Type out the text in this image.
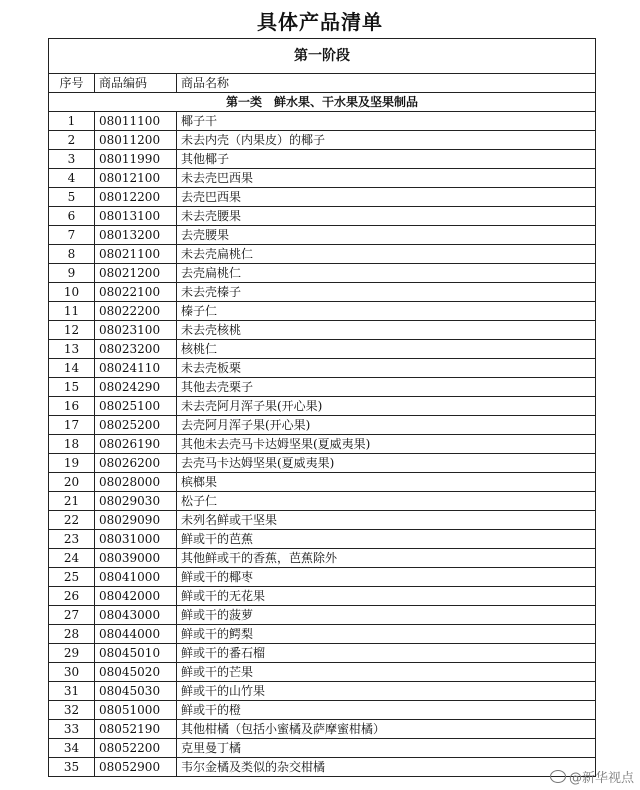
具体产品清单
第一阶段		
序号	商品编码	商品名称
第一类　鲜水果、干水果及坚果制品		
1	08011100	椰子干
2	08011200	未去内壳（内果皮）的椰子
3	08011990	其他椰子
4	08012100	未去壳巴西果
5	08012200	去壳巴西果
6	08013100	未去壳腰果
7	08013200	去壳腰果
8	08021100	未去壳扁桃仁
9	08021200	去壳扁桃仁
10	08022100	未去壳榛子
11	08022200	榛子仁
12	08023100	未去壳核桃
13	08023200	核桃仁
14	08024110	未去壳板栗
15	08024290	其他去壳栗子
16	08025100	未去壳阿月浑子果(开心果)
17	08025200	去壳阿月浑子果(开心果)
18	08026190	其他未去壳马卡达姆坚果(夏威夷果)
19	08026200	去壳马卡达姆坚果(夏威夷果)
20	08028000	槟榔果
21	08029030	松子仁
22	08029090	未列名鲜或干坚果
23	08031000	鲜或干的芭蕉
24	08039000	其他鲜或干的香蕉，芭蕉除外
25	08041000	鲜或干的椰枣
26	08042000	鲜或干的无花果
27	08043000	鲜或干的菠萝
28	08044000	鲜或干的鳄梨
29	08045010	鲜或干的番石榴
30	08045020	鲜或干的芒果
31	08045030	鲜或干的山竹果
32	08051000	鲜或干的橙
33	08052190	其他柑橘（包括小蜜橘及萨摩蜜柑橘）
34	08052200	克里曼丁橘
35	08052900	韦尔金橘及类似的杂交柑橘
@新华视点
